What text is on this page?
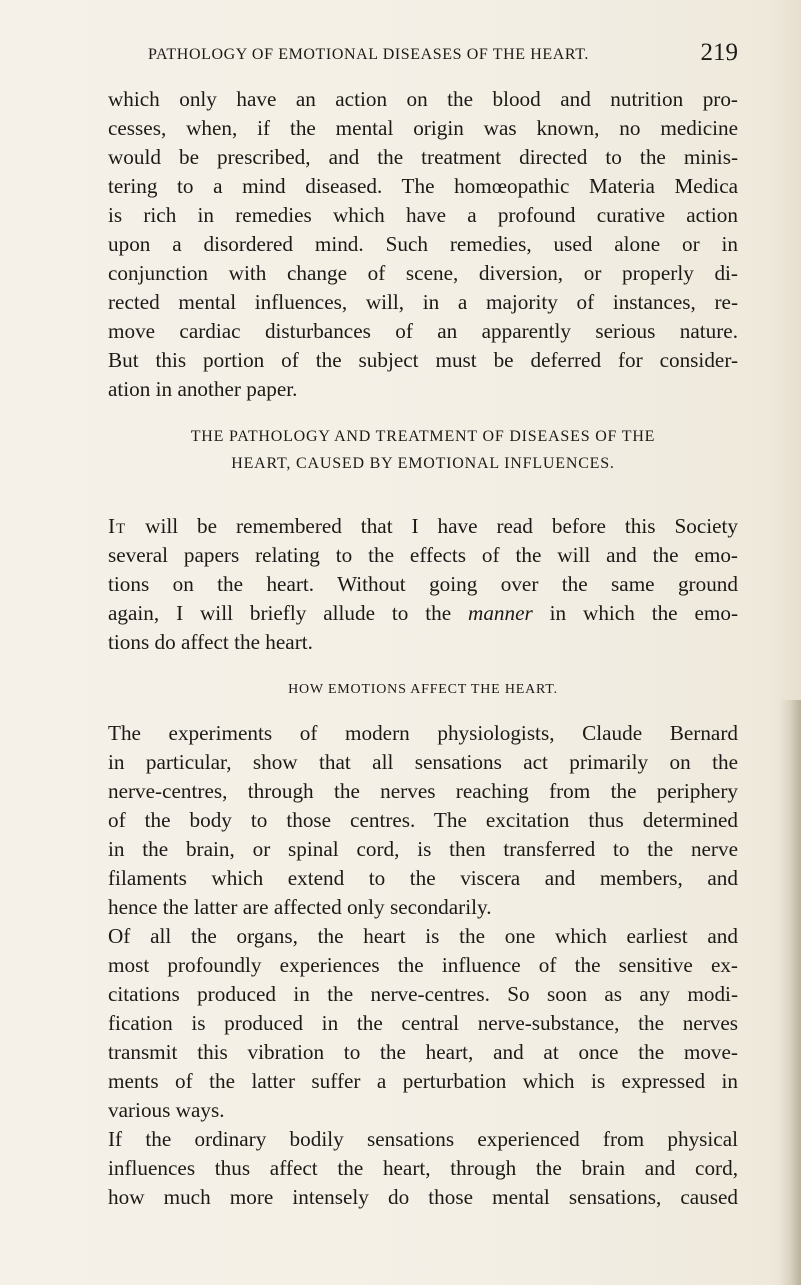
PATHOLOGY OF EMOTIONAL DISEASES OF THE HEART.	219
which only have an action on the blood and nutrition pro-
cesses, when, if the mental origin was known, no medicine
would be prescribed, and the treatment directed to the minis-
tering to a mind diseased. The homœopathic Materia Medica
is rich in remedies which have a profound curative action
upon a disordered mind. Such remedies, used alone or in
conjunction with change of scene, diversion, or properly di-
rected mental influences, will, in a majority of instances, re-
move cardiac disturbances of an apparently serious nature.
But this portion of the subject must be deferred for consider-
ation in another paper.
THE PATHOLOGY AND TREATMENT OF DISEASES OF THE
HEART, CAUSED BY EMOTIONAL INFLUENCES.
It will be remembered that I have read before this Society
several papers relating to the effects of the will and the emo-
tions on the heart. Without going over the same ground
again, I will briefly allude to the manner in which the emo-
tions do affect the heart.
HOW EMOTIONS AFFECT THE HEART.
The experiments of modern physiologists, Claude Bernard
in particular, show that all sensations act primarily on the
nerve-centres, through the nerves reaching from the periphery
of the body to those centres. The excitation thus determined
in the brain, or spinal cord, is then transferred to the nerve
filaments which extend to the viscera and members, and
hence the latter are affected only secondarily.
Of all the organs, the heart is the one which earliest and
most profoundly experiences the influence of the sensitive ex-
citations produced in the nerve-centres. So soon as any modi-
fication is produced in the central nerve-substance, the nerves
transmit this vibration to the heart, and at once the move-
ments of the latter suffer a perturbation which is expressed in
various ways.
If the ordinary bodily sensations experienced from physical
influences thus affect the heart, through the brain and cord,
how much more intensely do those mental sensations, caused
